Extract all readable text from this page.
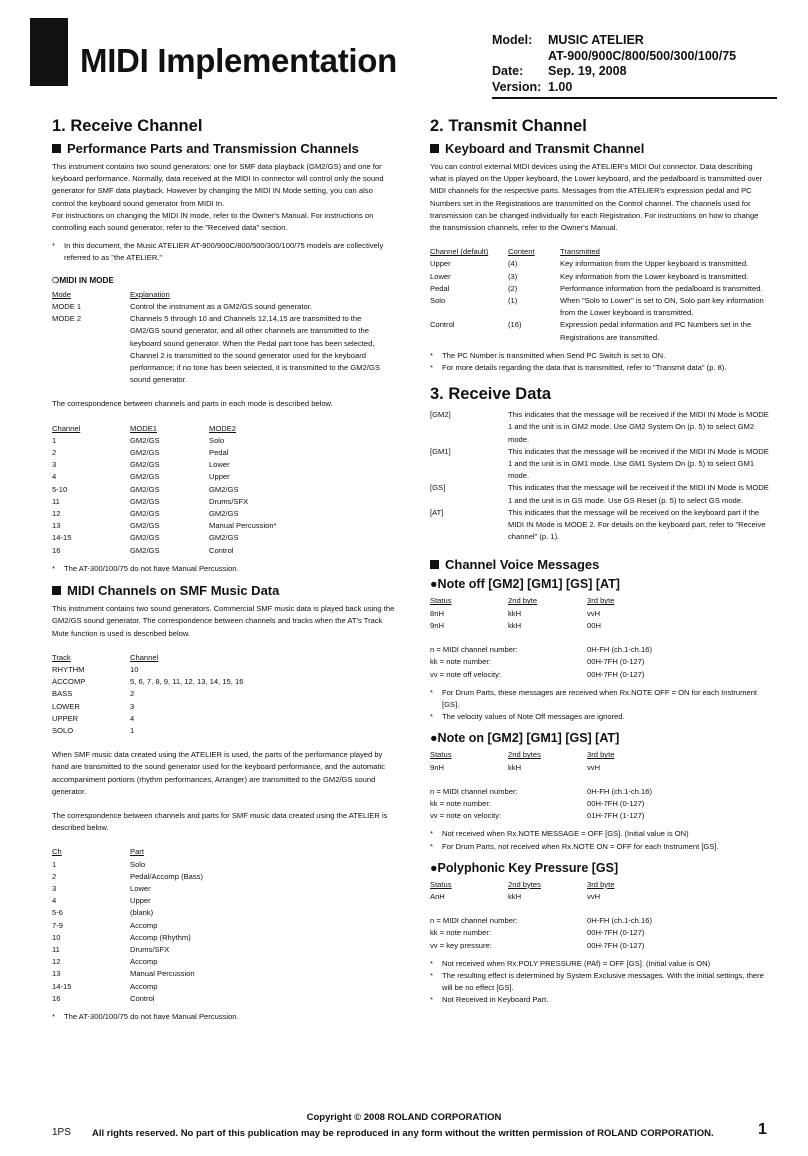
MIDI Implementation
Model:	MUSIC ATELIER
AT-900/900C/800/500/300/100/75
Date:	Sep. 19, 2008
Version: 1.00
1. Receive Channel
Performance Parts and Transmission Channels

This instrument contains two sound generators: one for SMF data playback (GM2/GS) and one for keyboard performance. Normally, data received at the MIDI In connector will control only the sound generator for SMF data playback. However by changing the MIDI IN Mode setting, you can also control the keyboard sound generator from MIDI In.

For instructions on changing the MIDI IN mode, refer to the Owner's Manual. For instructions on controlling each sound generator, refer to the "Received data" section.

*	In this document, the Music ATELIER AT-900/900C/800/500/300/100/75 models are collectively referred to as "the ATELIER."
❍MIDI IN MODE
Mode	Explanation
MODE 1	Control the instrument as a GM2/GS sound generator.
MODE 2	Channels 5 through 10 and Channels 12,14,15 are transmitted to the GM2/GS sound generator, and all other channels are transmitted to the keyboard sound generator. When the Pedal part tone has been selected, Channel 2 is transmitted to the sound generator used for the keyboard performance; if no tone has been selected, it is transmitted to the GM2/GS sound generator.

The correspondence between channels and parts in each mode is described below.

Channel	MODE1	MODE2
1	GM2/GS	Solo
2	GM2/GS	Pedal
3	GM2/GS	Lower
4	GM2/GS	Upper
5-10	GM2/GS	GM2/GS
11	GM2/GS	Drums/SFX
12	GM2/GS	GM2/GS
13	GM2/GS	Manual Percussion*
14-15	GM2/GS	GM2/GS
16	GM2/GS	Control
*	The AT-300/100/75 do not have Manual Percussion.
MIDI Channels on SMF Music Data

This instrument contains two sound generators. Commercial SMF music data is played back using the GM2/GS sound generator. The correspondence between channels and tracks when the AT's Track Mute function is used is described below.

Track	Channel
RHYTHM	10
ACCOMP	5, 6, 7, 8, 9, 11, 12, 13, 14, 15, 16
BASS	2
LOWER	3
UPPER	4
SOLO	1

When SMF music data created using the ATELIER is used, the parts of the performance played by hand are transmitted to the sound generator used for the keyboard performance, and the automatic accompaniment portions (rhythm performances, Arranger) are transmitted to the GM2/GS sound generator.

The correspondence between channels and parts for SMF music data created using the ATELIER is described below.

Ch	Part
1	Solo
2	Pedal/Accomp (Bass)
3	Lower
4	Upper
5-6	(blank)
7-9	Accomp
10	Accomp (Rhythm)
11	Drums/SFX
12	Accomp
13	Manual Percussion
14-15	Accomp
16	Control
*	The AT-300/100/75 do not have Manual Percussion.
2. Transmit Channel
Keyboard and Transmit Channel

You can control external MIDI devices using the ATELIER's MIDI Out connector. Data describing what is played on the Upper keyboard, the Lower keyboard, and the pedalboard is transmitted over MIDI channels for the respective parts. Messages from the ATELIER's expression pedal and PC Numbers set in the Registrations are transmitted on the Control channel. The channels used for transmission can be changed individually for each Registration. For instructions on how to change the transmission channels, refer to the Owner's Manual.

Channel (default)	Content	Transmitted
Upper	(4)	Key information from the Upper keyboard is transmitted.
Lower	(3)	Key information from the Lower keyboard is transmitted.
Pedal	(2)	Performance information from the pedalboard is transmitted.
Solo	(1)	When "Solo to Lower" is set to ON, Solo part key information from the Lower keyboard is transmitted.
Control	(16)	Expression pedal information and PC Numbers set in the Registrations are transmitted.
*	The PC Number is transmitted when Send PC Switch is set to ON.
*	For more details regarding the data that is transmitted, refer to "Transmit data" (p. 8).
3. Receive Data
[GM2]	This indicates that the message will be received if the MIDI IN Mode is MODE 1 and the unit is in GM2 mode. Use GM2 System On (p. 5) to select GM2 mode.
[GM1]	This indicates that the message will be received if the MIDI IN Mode is MODE 1 and the unit is in GM1 mode. Use GM1 System On (p. 5) to select GM1 mode.
[GS]	This indicates that the message will be received if the MIDI IN Mode is MODE 1 and the unit is in GS mode. Use GS Reset (p. 5) to select GS mode.
[AT]	This indicates that the message will be received on the keyboard part if the MIDI IN Mode is MODE 2. For details on the keyboard part, refer to "Receive channel" (p. 1).
Channel Voice Messages
●Note off [GM2] [GM1] [GS] [AT]
Status	2nd byte	3rd byte
8nH	kkH	vvH
9nH	kkH	00H
n = MIDI channel number:	0H-FH (ch.1-ch.16)
kk = note number:	00H-7FH (0-127)
vv = note off velocity:	00H-7FH (0-127)
*	For Drum Parts, these messages are received when Rx.NOTE OFF = ON for each Instrument [GS].
*	The velocity values of Note Off messages are ignored.
●Note on [GM2] [GM1] [GS] [AT]
Status	2nd bytes	3rd byte
9nH	kkH	vvH
n = MIDI channel number:	0H-FH (ch.1-ch.16)
kk = note number:	00H-7FH (0-127)
vv = note on velocity:	01H-7FH (1-127)
*	Not received when Rx.NOTE MESSAGE = OFF [GS]. (Initial value is ON)
*	For Drum Parts, not received when Rx.NOTE ON = OFF for each Instrument [GS].
●Polyphonic Key Pressure [GS]
Status	2nd bytes	3rd byte
AnH	kkH	vvH
n = MIDI channel number:	0H-FH (ch.1-ch.16)
kk = note number:	00H-7FH (0-127)
vv = key pressure:	00H-7FH (0-127)
*	Not received when Rx.POLY PRESSURE (PAf) = OFF [GS]. (Initial value is ON)
*	The resulting effect is determined by System Exclusive messages. With the initial settings, there will be no effect [GS].
*	Not Received in Keyboard Part.
Copyright © 2008 ROLAND CORPORATION
1PS All rights reserved. No part of this publication may be reproduced in any form without the written permission of ROLAND CORPORATION.	1
